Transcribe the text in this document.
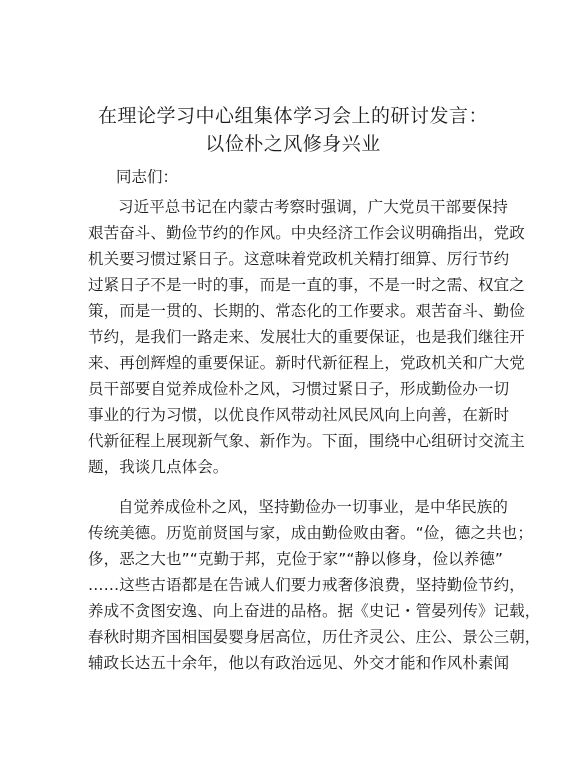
在理论学习中心组集体学习会上的研讨发言：
以俭朴之风修身兴业

同志们：

习近平总书记在内蒙古考察时强调，广大党员干部要保持
艰苦奋斗、勤俭节约的作风。中央经济工作会议明确指出，党政
机关要习惯过紧日子。这意味着党政机关精打细算、厉行节约
过紧日子不是一时的事，而是一直的事，不是一时之需、权宜之
策，而是一贯的、长期的、常态化的工作要求。艰苦奋斗、勤俭
节约，是我们一路走来、发展壮大的重要保证，也是我们继往开
来、再创辉煌的重要保证。新时代新征程上，党政机关和广大党
员干部要自觉养成俭朴之风，习惯过紧日子，形成勤俭办一切
事业的行为习惯，以优良作风带动社风民风向上向善，在新时
代新征程上展现新气象、新作为。下面，围绕中心组研讨交流主
题，我谈几点体会。
自觉养成俭朴之风，坚持勤俭办一切事业，是中华民族的
传统美德。历览前贤国与家，成由勤俭败由奢。“俭，德之共也；
侈，恶之大也”“克勤于邦，克俭于家”“静以修身，俭以养德”
……这些古语都是在告诫人们要力戒奢侈浪费，坚持勤俭节约，
养成不贪图安逸、向上奋进的品格。据《史记・管晏列传》记载，
春秋时期齐国相国晏婴身居高位，历仕齐灵公、庄公、景公三朝，
辅政长达五十余年，他以有政治远见、外交才能和作风朴素闻
